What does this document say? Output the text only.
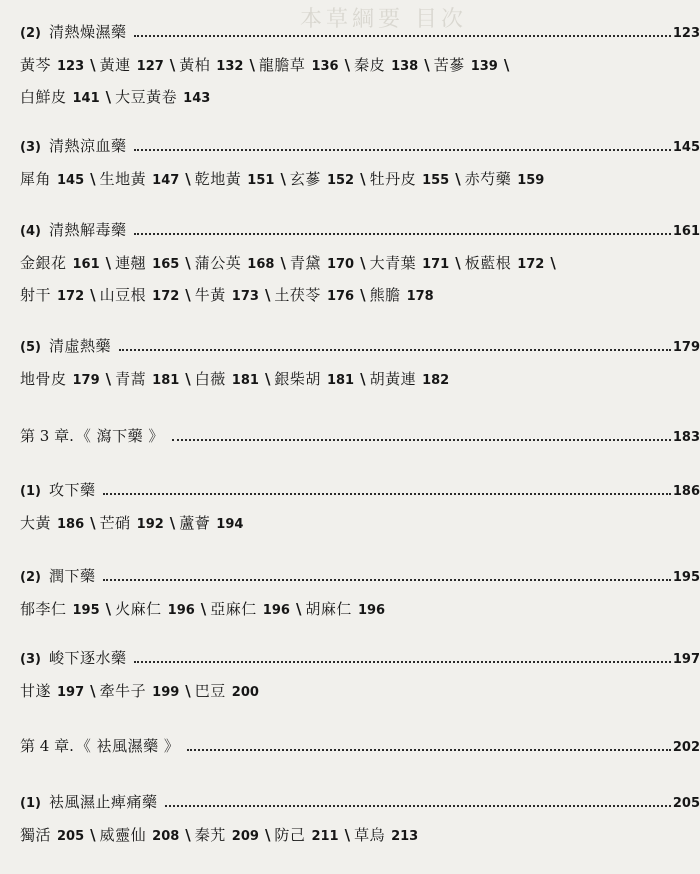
本草綱要 目次
(2) 清熱燥濕藥	123
黃芩 123 \ 黃連 127 \ 黃柏 132 \ 龍膽草 136 \ 秦皮 138 \ 苦蔘 139 \
白鮮皮 141 \ 大豆黃卷 143
(3) 清熱涼血藥	145
犀角 145 \ 生地黃 147 \ 乾地黃 151 \ 玄蔘 152 \ 牡丹皮 155 \ 赤芍藥 159
(4) 清熱解毒藥	161
金銀花 161 \ 連翹 165 \ 蒲公英 168 \ 青黛 170 \ 大青葉 171 \ 板藍根 172 \
射干 172 \ 山豆根 172 \ 牛黃 173 \ 土茯苓 176 \ 熊膽 178
(5) 清虛熱藥	179
地骨皮 179 \ 青蒿 181 \ 白薇 181 \ 銀柴胡 181 \ 胡黃連 182
第 3 章. 《 瀉下藥 》	183
(1) 攻下藥	186
大黃 186 \ 芒硝 192 \ 蘆薈 194
(2) 潤下藥	195
郁李仁 195 \ 火麻仁 196 \ 亞麻仁 196 \ 胡麻仁 196
(3) 峻下逐水藥	197
甘遂 197 \ 牽牛子 199 \ 巴豆 200
第 4 章. 《 袪風濕藥 》	202
(1) 袪風濕止痺痛藥	205
獨活 205 \ 威靈仙 208 \ 秦艽 209 \ 防己 211 \ 草烏 213
